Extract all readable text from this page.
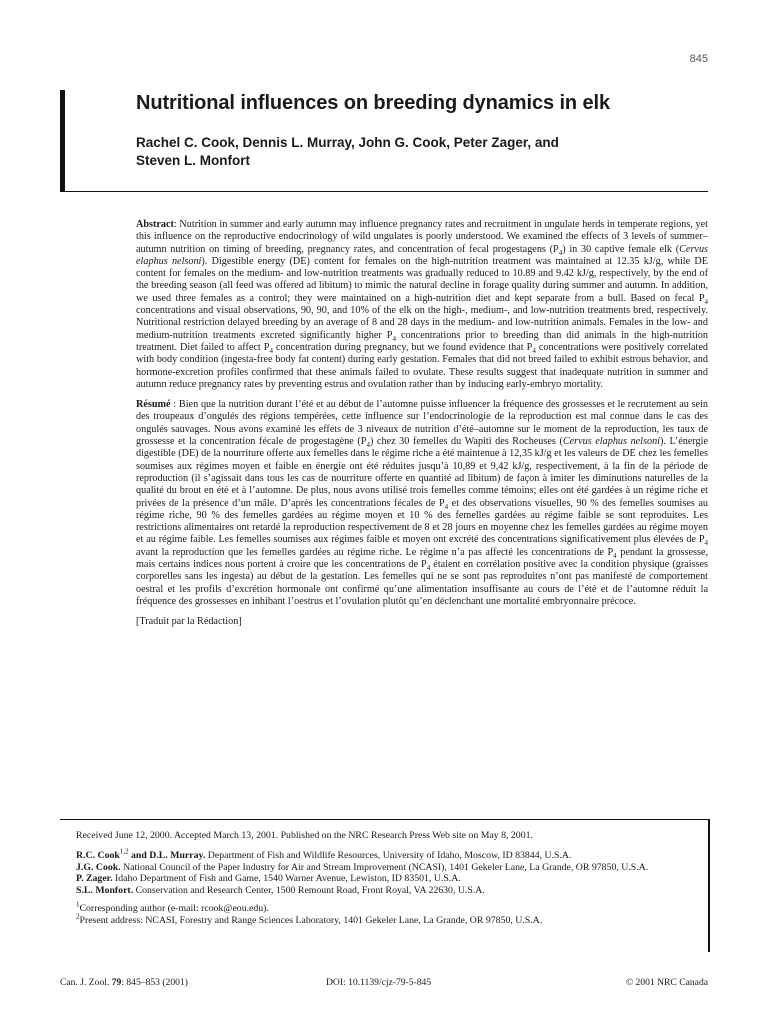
845
Nutritional influences on breeding dynamics in elk
Rachel C. Cook, Dennis L. Murray, John G. Cook, Peter Zager, and
Steven L. Monfort

Abstract: Nutrition in summer and early autumn may influence pregnancy rates and recruitment in ungulate herds in temperate regions, yet this influence on the reproductive endocrinology of wild ungulates is poorly understood. We examined the effects of 3 levels of summer–autumn nutrition on timing of breeding, pregnancy rates, and concentration of fecal progestagens $(P_4)$ in 30 captive female elk (Cervus elaphus nelsoni). Digestible energy (DE) content for females on the high-nutrition treatment was maintained at 12.35 kJ/g, while DE content for females on the medium- and low-nutrition treatments was gradually reduced to 10.89 and 9.42 kJ/g, respectively, by the end of the breeding season (all feed was offered ad libitum) to mimic the natural decline in forage quality during summer and autumn. In addition, we used three females as a control; they were maintained on a high-nutrition diet and kept separate from a bull. Based on fecal $P_4$ concentrations and visual observations, 90, 90, and 10% of the elk on the high-, medium-, and low-nutrition treatments bred, respectively. Nutritional restriction delayed breeding by an average of 8 and 28 days in the medium- and low-nutrition animals. Females in the low- and medium-nutrition treatments excreted significantly higher $P_4$ concentrations prior to breeding than did animals in the high-nutrition treatment. Diet failed to affect $P_4$ concentration during pregnancy, but we found evidence that $P_4$ concentrations were positively correlated with body condition (ingesta-free body fat content) during early gestation. Females that did not breed failed to exhibit estrous behavior, and hormone-excretion profiles confirmed that these animals failed to ovulate. These results suggest that inadequate nutrition in summer and autumn reduce pregnancy rates by preventing estrus and ovulation rather than by inducing early-embryo mortality.

Résumé : Bien que la nutrition durant l’été et au début de l’automne puisse influencer la fréquence des grossesses et le recrutement au sein des troupeaux d’ongulés des régions tempérées, cette influence sur l’endocrinologie de la reproduction est mal connue dans le cas des ongulés sauvages. Nous avons examiné les effets de 3 niveaux de nutrition d’été–automne sur le moment de la reproduction, les taux de grossesse et la concentration fécale de progestagène $(P_4)$ chez 30 femelles du Wapiti des Rocheuses (Cervus elaphus nelsoni). L’énergie digestible (DE) de la nourriture offerte aux femelles dans le régime riche a été maintenue à 12,35 kJ/g et les valeurs de DE chez les femelles soumises aux régimes moyen et faible en énergie ont été réduites jusqu’à 10,89 et 9,42 kJ/g, respectivement, à la fin de la période de reproduction (il s’agissait dans tous les cas de nourriture offerte en quantité ad libitum) de façon à imiter les diminutions naturelles de la qualité du brout en été et à l’automne. De plus, nous avons utilisé trois femelles comme témoins; elles ont été gardées à un régime riche et privées de la présence d’un mâle. D’après les concentrations fécales de $P_4$ et des observations visuelles, 90 % des femelles soumises au régime riche, 90 % des femelles gardées au régime moyen et 10 % des femelles gardées au régime faible se sont reproduites. Les restrictions alimentaires ont retardé la reproduction respectivement de 8 et 28 jours en moyenne chez les femelles gardées au régime moyen et au régime faible. Les femelles soumises aux régimes faible et moyen ont excrété des concentrations significativement plus élevées de $P_4$ avant la reproduction que les femelles gardées au régime riche. Le régime n’a pas affecté les concentrations de $P_4$ pendant la grossesse, mais certains indices nous portent à croire que les concentrations de $P_4$ étaient en corrélation positive avec la condition physique (graisses corporelles sans les ingesta) au début de la gestation. Les femelles qui ne se sont pas reproduites n’ont pas manifesté de comportement oestral et les profils d’excrétion hormonale ont confirmé qu’une alimentation insuffisante au cours de l’été et de l’automne réduit la fréquence des grossesses en inhibant l’oestrus et l’ovulation plutôt qu’en déclenchant une mortalité embryonnaire précoce.

[Traduit par la Rédaction]

Received June 12, 2000. Accepted March 13, 2001. Published on the NRC Research Press Web site on May 8, 2001.

R.C. Cook$^{1,2}$ and D.L. Murray. Department of Fish and Wildlife Resources, University of Idaho, Moscow, ID 83844, U.S.A.

J.G. Cook. National Council of the Paper Industry for Air and Stream Improvement (NCASI), 1401 Gekeler Lane, La Grande, OR 97850, U.S.A.

P. Zager. Idaho Department of Fish and Game, 1540 Warner Avenue, Lewiston, ID 83501, U.S.A.

S.L. Monfort. Conservation and Research Center, 1500 Remount Road, Front Royal, VA 22630, U.S.A.

$^1$Corresponding author (e-mail: rcook@eou.edu).

$^2$Present address: NCASI, Forestry and Range Sciences Laboratory, 1401 Gekeler Lane, La Grande, OR 97850, U.S.A.

Can. J. Zool. 79: 845–853 (2001)	DOI: 10.1139/cjz-79-5-845	© 2001 NRC Canada
